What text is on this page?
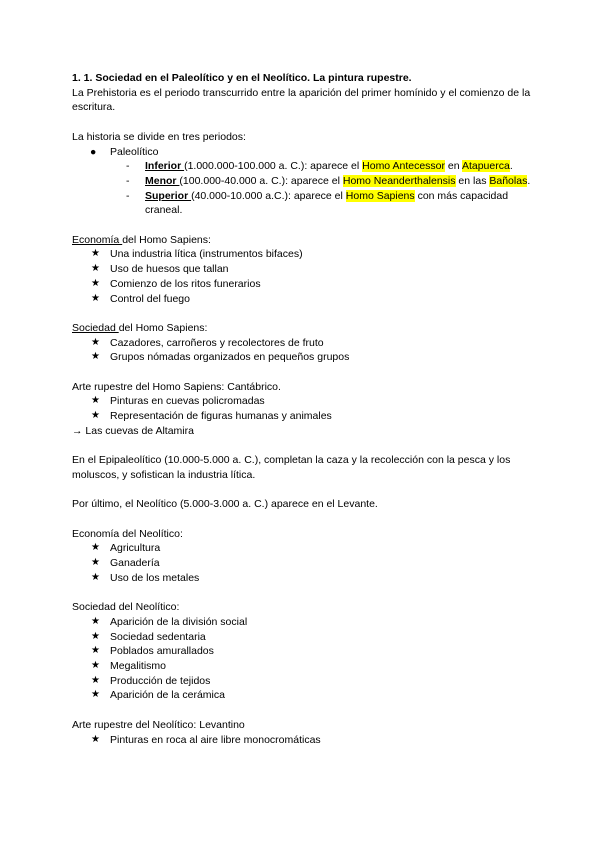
1. 1. Sociedad en el Paleolítico y en el Neolítico. La pintura rupestre.

La Prehistoria es el periodo transcurrido entre la aparición del primer homínido y el comienzo de la escritura.

La historia se divide en tres periodos:

● Paleolítico
- Inferior (1.000.000-100.000 a. C.): aparece el Homo Antecessor en Atapuerca.
- Menor (100.000-40.000 a. C.): aparece el Homo Neanderthalensis en las Bañolas.
- Superior (40.000-10.000 a.C.): aparece el Homo Sapiens con más capacidad craneal.

Economía del Homo Sapiens:

★ Una industria lítica (instrumentos bifaces)
★ Uso de huesos que tallan
★ Comienzo de los ritos funerarios
★ Control del fuego

Sociedad del Homo Sapiens:

★ Cazadores, carroñeros y recolectores de fruto
★ Grupos nómadas organizados en pequeños grupos

Arte rupestre del Homo Sapiens: Cantábrico.

★ Pinturas en cuevas policromadas
★ Representación de figuras humanas y animales

→ Las cuevas de Altamira

En el Epipaleolítico (10.000-5.000 a. C.), completan la caza y la recolección con la pesca y los moluscos, y sofistican la industria lítica.

Por último, el Neolítico (5.000-3.000 a. C.) aparece en el Levante.

Economía del Neolítico:

★ Agricultura
★ Ganadería
★ Uso de los metales

Sociedad del Neolítico:

★ Aparición de la división social
★ Sociedad sedentaria
★ Poblados amurallados
★ Megalitismo
★ Producción de tejidos
★ Aparición de la cerámica

Arte rupestre del Neolítico: Levantino

★ Pinturas en roca al aire libre monocromáticas
